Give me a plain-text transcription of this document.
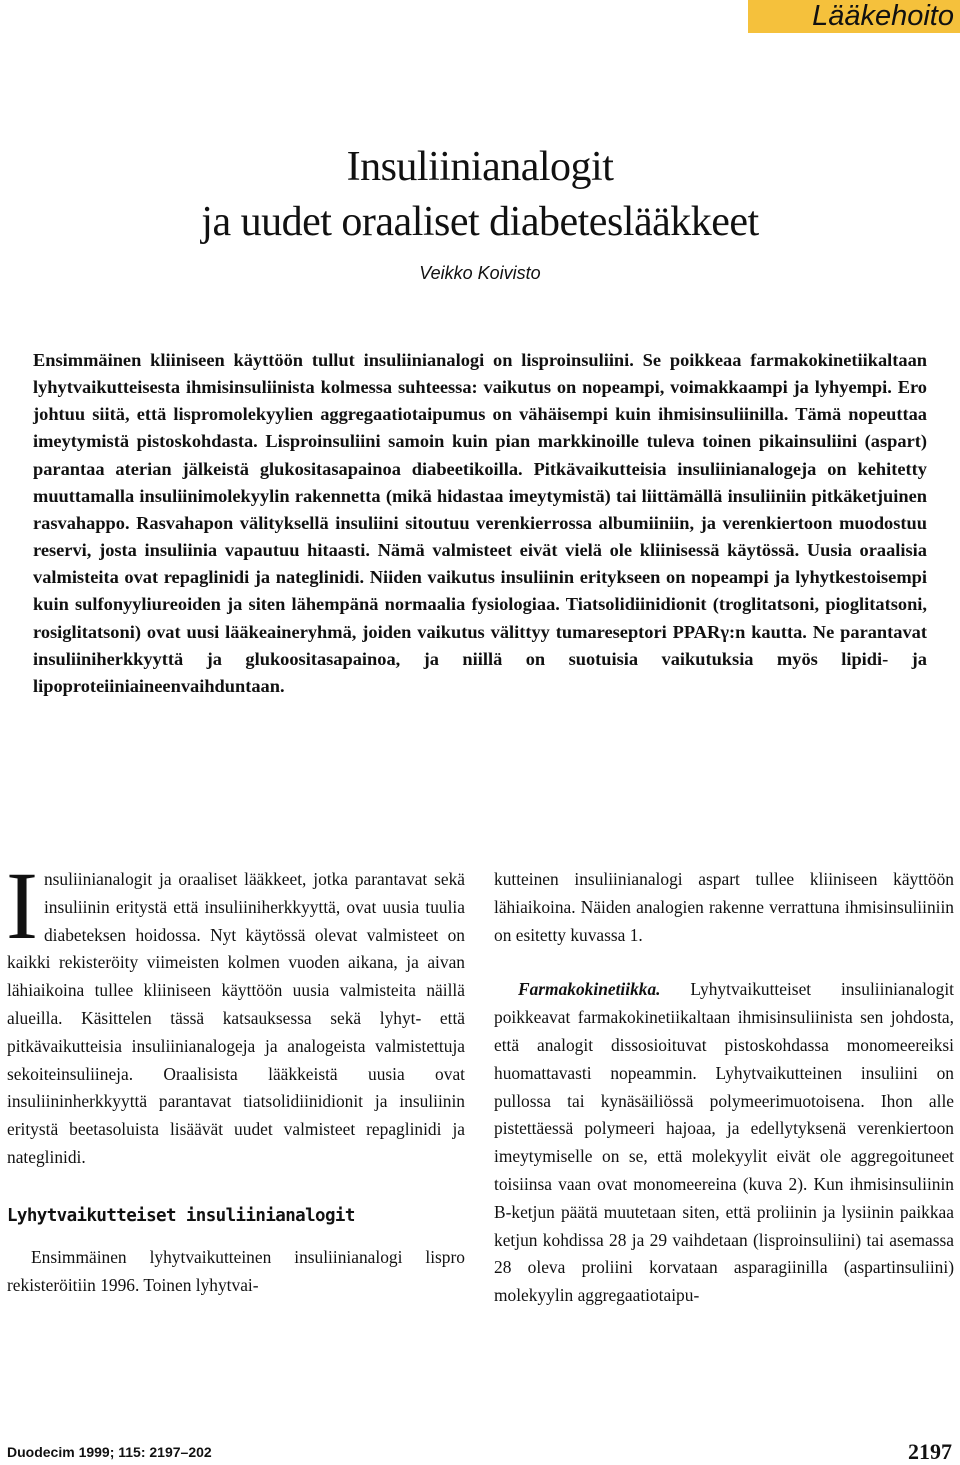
Lääkehoito
Insuliinianalogit
ja uudet oraaliset diabeteslääkkeet
Veikko Koivisto

Ensimmäinen kliiniseen käyttöön tullut insuliinianalogi on lisproinsuliini. Se poikkeaa farmakokinetiikaltaan lyhytvaikutteisesta ihmisinsuliinista kolmessa suhteessa: vaikutus on nopeampi, voimakkaampi ja lyhyempi. Ero johtuu siitä, että lispromolekyylien aggregaatiotaipumus on vähäisempi kuin ihmisinsuliinilla. Tämä nopeuttaa imeytymistä pistoskohdasta. Lisproinsuliini samoin kuin pian markkinoille tuleva toinen pikainsuliini (aspart) parantaa aterian jälkeistä glukositasapainoa diabeetikoilla. Pitkävaikutteisia insuliinianalogeja on kehitetty muuttamalla insuliinimolekyylin rakennetta (mikä hidastaa imeytymistä) tai liittämällä insuliiniin pitkäketjuinen rasvahappo. Rasvahapon välityksellä insuliini sitoutuu verenkierrossa albumiiniin, ja verenkiertoon muodostuu reservi, josta insuliinia vapautuu hitaasti. Nämä valmisteet eivät vielä ole kliinisessä käytössä. Uusia oraalisia valmisteita ovat repaglinidi ja nateglinidi. Niiden vaikutus insuliinin eritykseen on nopeampi ja lyhytkestoisempi kuin sulfonyyliureoiden ja siten lähempänä normaalia fysiologiaa. Tiatsolidiinidionit (troglitatsoni, pioglitatsoni, rosiglitatsoni) ovat uusi lääkeaineryhmä, joiden vaikutus välittyy tumareseptori PPARγ:n kautta. Ne parantavat insuliiniherkkyyttä ja glukoositasapainoa, ja niillä on suotuisia vaikutuksia myös lipidi- ja lipoproteiiniaineenvaihduntaan.

Insuliinianalogit ja oraaliset lääkkeet, jotka parantavat sekä insuliinin eritystä että insuliiniherkkyyttä, ovat uusia tuulia diabeteksen hoidossa. Nyt käytössä olevat valmisteet on kaikki rekisteröity viimeisten kolmen vuoden aikana, ja aivan lähiaikoina tullee kliiniseen käyttöön uusia valmisteita näillä alueilla. Käsittelen tässä katsauksessa sekä lyhyt- että pitkävaikutteisia insuliinianalogeja ja analogeista valmistettuja sekoiteinsuliineja. Oraalisista lääkkeistä uusia ovat insuliininherkkyyttä parantavat tiatsolidiinidionit ja insuliinin eritystä beetasoluista lisäävät uudet valmisteet repaglinidi ja nateglinidi.

Lyhytvaikutteiset insuliinianalogit

Ensimmäinen lyhytvaikutteinen insuliinianalogi lispro rekisteröitiin 1996. Toinen lyhytvai-

kutteinen insuliinianalogi aspart tullee kliiniseen käyttöön lähiaikoina. Näiden analogien rakenne verrattuna ihmisinsuliiniin on esitetty kuvassa 1.

Farmakokinetiikka. Lyhytvaikutteiset insuliinianalogit poikkeavat farmakokinetiikaltaan ihmisinsuliinista sen johdosta, että analogit dissosioituvat pistoskohdassa monomeereiksi huomattavasti nopeammin. Lyhytvaikutteinen insuliini on pullossa tai kynäsäiliössä polymeerimuotoisena. Ihon alle pistettäessä polymeeri hajoaa, ja edellytyksenä verenkiertoon imeytymiselle on se, että molekyylit eivät ole aggregoituneet toisiinsa vaan ovat monomeereina (kuva 2). Kun ihmisinsuliinin B-ketjun päätä muutetaan siten, että proliinin ja lysiinin paikkaa ketjun kohdissa 28 ja 29 vaihdetaan (lisproinsuliini) tai asemassa 28 oleva proliini korvataan asparagiinilla (aspartinsuliini) molekyylin aggregaatiotaipu-

Duodecim 1999; 115: 2197–202	2197
